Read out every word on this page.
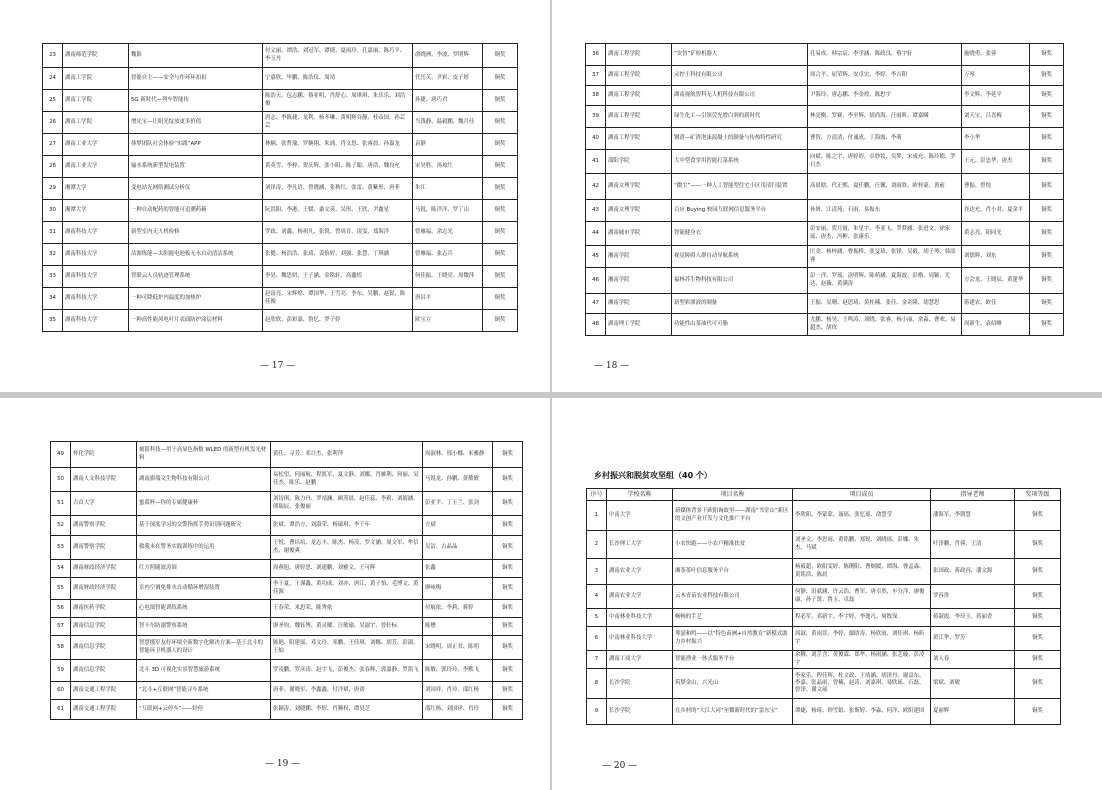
23	湖南师范学院	魏影	付文丽、谭浩、刘冠军、谭捷、夏雨玲、孔嘉丽、陈巧平、李玉丹	俞晓洲、李波、罗明辉	铜奖
24	湖南工学院	智能自主——安全与作环环扣扣	宁嘉欣、毕鹏、陈浩仪、周靖	代岳芙、尹彩、皮子婷	铜奖
25	湖南工学院	5G 新时代—列车智能传	陈浩天、包志鹏、蔡亚明、肖舒心、周琪琪、朱乐乐、刘浩俊	孙捷、唐巧君	铜奖
26	湖南工学院	增光宝—让阳光绽放更多价值	唐志、李陈捷、龙利、杨冬琳、黄明辉谷静、杜帝国、孙芸芸	当钱静、温毅鹏、魏月佳	铜奖
27	湖南工业大学	体梦团队社会体验“实践”APP	林楠、张哲瑜、罗婉翔、朱浦、肖文思、张睿晨、孙嘉龙	袁静	铜奖
28	湖南工业大学	输水系统新型发电装置	黄英雪、李梓、贺庆辉、张小阳、陈子聪、唐浩、魏良允	宋昊胜、汤琼红	铜奖
29	湘潭大学	变电站光网络测试分析仪	刘泽涛、李凡语、曾晓涵、张秋红、张雷、黄紫彤、唐菲	朱江	铜奖
30	湘潭大学	一种自动配药的智能可追溯药箱	阮洪阳、李港、王媛、桑文英、吴彤、王欣、尹鑫星	马锐、陈洋洋、罗丁山	铜奖
31	湖南科技大学	新型室内无人机检修	罗政、刘鑫、杨祖凡、张锐、曾周育、凌雯、郑海洋	曾雁福、余志光	铜奖
32	湖南科技大学	洁源炼能—太阳能电池板无水自动清洁系统	张健、杨浩浩、张琦、姜怡婷、刘强、张慧、丁琪涵	曾雁福、张志兵	铜奖
33	湖南科技大学	智联云人员轨迹管理系统	李昊、魏思妍、王子涵、金铭轩、高鑫煌	何佳振、王晓亮、周微萍	铜奖
34	湖南科技大学	一种可降低炉内温度的加热炉	赵富亮、宋辉煌、谭国华、王雪亮、李东、吴鹏、赵锐、陈佳俊	唐昌平	铜奖
35	湖南科技大学	一种高性能风电叶片表面防护涂层材料	赵欣欣、彭彩嘉、鲁忆、罗子婷	欧宝立	铜奖
— 17 —
36	湖南工程学院	“安智”矿检机器人	孔易成、韩宗宸、李学涵、陈政良、蔡宇轩	施晓勇、张蓉	铜奖
37	湖南工程学院	灵控士科技有限公司	周合平、屈荣辉、安卓宏、李婷、李吉阳	万琴	铜奖
38	湖南工程学院	湖南视航智科无人机科技有限公司	尹海玲、唐志鹏、李金煌、陈思宇	李文辉、李延平	铜奖
39	湖南工程学院	绿生化工—引领荧光增白剂的新时代	林亮衡、罗赛、李至辉、胡尚海、汪雨昕、谭嘉曦	刘天宝、吕喜梅	铜奖
40	湖南工程学院	钢渣—矿渣泡沫混凝土的制备与传热特性研究	曹智、方清清、付诚成、丁海霞、李萌	李小华	铜奖
41	邵阳学院	大中型食堂用智能打菜系统	向斌、陈之宇、唐婷婷、卓妙妆、吴梦、宋成允、陈玲娟、罗日杰	王元、彭忠华、唐杰	铜奖
42	湖南文理学院	“微尘”——一种人工智能型住宅小区用清扫装置	高晨晗、代正熙、夏任鹏、汪馨、刘雨欣、欧梓豪、黄前	曹振、曾悦	铜奖
43	湖南文理学院	百应 Buying 校园互联网信息服务平台	孙妍、江清苑、石雨、易振东	许达允、肖小君、夏金平	铜奖
44	湖南城市学院	智能健身衣	彭安丽、贺月霞、朱星宇、李亚飞、罗梦涵、张进文、徐家瑶、唐杰、冯彬、张康乐	黄志亮、阳同光	铜奖
45	湘南学院	视觉障碍人群自动导航系统	匡金、杨梓涵、曹振桥、张旻琦、张锋、吴毅、胡子琴、韩添睿	刘德辉、刘东	铜奖
46	湘南学院	福林苏生物科技有限公司	彭一洋、罗瑶、涂明辉、陈萌涵、夏海波、彭楷、周颖、尤达、赵薇、黄满涛	方会龙、王晓辰、黄建华	铜奖
47	湘南学院	新型彩漂液的制备	王振、吴珊、赵思琦、黄柱楠、张佳、金奇隆、胡慧思	蒋建农、欧佳	铜奖
48	湖南理工学院	功能性山茶油代可可脂	尤鹏、杨昊、王鸣涛、刘晓、张睿、杨小丽、余淼、曹欢、易超杰、胡玫	周新生、袁绍峰	铜奖
— 18 —
49	怀化学院	刻银科技—用于高显色指数 WLED 的新型有机发光材料	黄佳、寻芳、邓日杰、张利萍	周淑林、邢小娜、米雅静	铜奖
50	湖南人文科技学院	湖南旗端文生物科技有限公司	易松望、何丽航、程凯军、夏文静、刘娜、肖雁利、何丽、吴佳杰、陈乐、赵鹏	马锐龙、孙鹏、黄敏敏	铜奖
51	吉首大学	蜜蓝杯—你的专属健康杯	刘诗琪、陈力丹、罗靖澜、顾茂晨、赵佳蕊、李莉、刘婧涵、熊瑞辰、张俊丽	彭亚平、丁玉兰、张剑	铜奖
52	湖南警察学院	基于深度学习的交警指挥手势识别问题研究	张斌、谭浩方、刘淑荣、杨瑞琪、李千年	方斌	铜奖
53	湖南警察学院	救我未在警务实践训练中的运用	王悦、曹培培、龙志丰、陈杰、杨茂、罗文涵、周文军、牟信杰、谢俊爽	吴洁、古晶晶	铜奖
54	湖南财政经济学院	红方照随波涛围	周燕旭、唐婷思、刘通鹏、刘雅文、王可辉	张鑫	铜奖
55	湖南财政经济学院	室内空调免排水自动循环增湿装置	李千夏、王谨鑫、黄功成、刘亦、唐江、黄子怡、毛博文、黄佳源	廖咏梅	铜奖
56	湖南医药学院	心电图智能训练系统	王春荣、米思荣、陈秀依	付航依、李莉、蒋婷	铜奖
57	湖南信息学院	智卡尔防溺警察系统	廖圣钧、魏钰博、黄灵曜、汪敏瑜、吴淑宇、曾轩标	陈懋	铜奖
58	湖南信息学院	智慧援军友好环境全新数字化解决方案—基于北斗的智能环卫机器人的设计	陈艳、阳建瑶、邓文玲、邓鹏、王佳琪、刘娜、胡芳、彭淑、王灿	宋晓明、周正君、陈明	铜奖
59	湖南信息学院	北斗 3D 可视化实景智慧旅游系统	罗凌鹏、罗彦涛、赵宇飞、彭俊杰、张春辉、郭嘉静、罗凯飞	陈敏、郭玲玲、李默飞	铜奖
60	湖南交通工程学院	“北斗+互联网”智能寻车系统	唐菲、谢晓军、李鑫鑫、付洋斌、唐诺	刘国祥、肖玲、邵红杨	铜奖
61	湖南交通工程学院	“互联网+云停车”——轻停	张颖涛、刘晓鹏、李婷、肖腾权、谭昊芝	邵红杨、刘国祥、肖玲	铜奖
— 19 —
乡村振兴和脱贫攻坚组（40 个）
序号	学校名称	项目名称	项目成员	指导老师	奖项等级
1	中南大学	新媒体背景下欧阳询故里——湖南“书堂山”新区的文创产业开发与文化推广平台	李欣阳、李蒙蒙、聂瑶、张忆瑶、俞慧莹	潘海军、李朝慧	铜奖
2	长沙理工大学	小农快跑——小农户精准扶贫	刘圣文、李思雨、黄铭鹏、郑锐、刘晓瑶、彭娜、朱杰、马斌	叶泽鹏、肖蓉、王清	铜奖
3	湖南农业大学	湘茶茶叶信息服务平台	杨毅超、欧阳雯婷、陈俐阳、曹炯媛、谭海、曹孟森、黄铭浩、陈晨	张国政、蒋政容、潘文源	铜奖
4	湖南农业大学	云木青苗农业科技有限公司	何静、田斌涵、许云浩、曹军、唐卓然、车分洋、廖俊康、孙子贤、鲁玉、卓磊	罗容贵	铜奖
5	中南林业科技大学	畅畅的手艺	程必军、邓新宇、李宇婷、李逸凡、周牧琛	蒋淑霞、李玲玉、蒋丽香	铜奖
6	中南林业科技大学	琴瑟和鸣——以“特色苗圃+自然教育”新模式助力乡村振兴	周淑、黄雨萱、李婷、鄢晗涛、杨欣雨、刘佳琪、杨昕宇	黄江华、罗芳	铜奖
7	湖南工商大学	智能渔业一体式服务平台	余腾、刘芷含、黄俊霖、郑华、杨雨涵、张艺璇、彭凌宇	刘人春	铜奖
8	长沙学院	筑梦金山，兴光山	李家乐、程佳辉、杜文政、王靖涵、胡泽丹、谢益东、李嘉、张晶雨、曾楠、赵涛、刘嘉琪、易欣瑶、石磊、曾泽、谢文瑶	梁斌、刘敏	铜奖
9	长沙学院	在乡村的“大江大河”至微新时代的“雷东宝”	谭婕、杨琦、钟雪娟、张斯婷、李淼、何洋、欧阳建国	夏丽辉	铜奖
— 20 —
